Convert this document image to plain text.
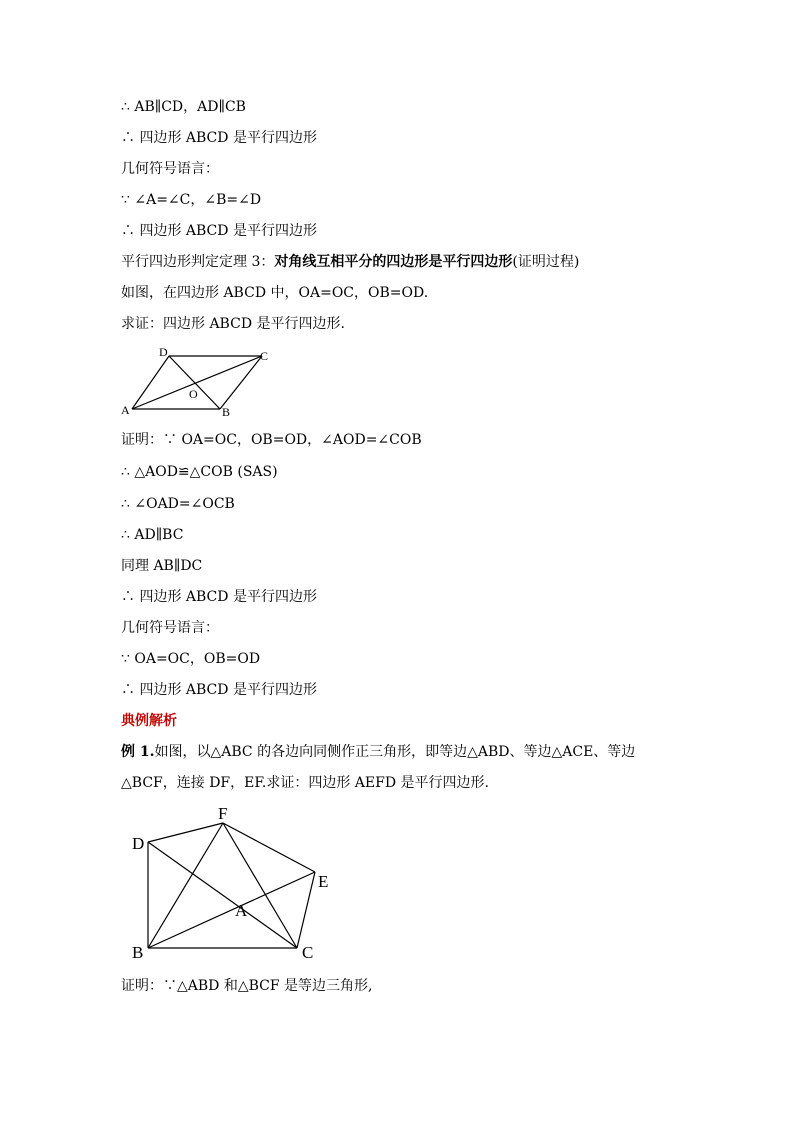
∴ AB∥CD，AD∥CB
∴ 四边形 ABCD 是平行四边形
几何符号语言：
∵ ∠A=∠C，∠B=∠D
∴ 四边形 ABCD 是平行四边形
平行四边形判定定理 3：对角线互相平分的四边形是平行四边形(证明过程)
如图，在四边形 ABCD 中，OA=OC，OB=OD.
求证：四边形 ABCD 是平行四边形.
A	B
C
D
O
证明：∵ OA=OC，OB=OD，∠AOD=∠COB
∴ △AOD≌△COB (SAS)
∴ ∠OAD=∠OCB
∴ AD∥BC
同理 AB∥DC
∴ 四边形 ABCD 是平行四边形
几何符号语言：
∵ OA=OC，OB=OD
∴ 四边形 ABCD 是平行四边形
典例解析
例 1.如图，以△ABC 的各边向同侧作正三角形，即等边△ABD、等边△ACE、等边
△BCF，连接 DF，EF.求证：四边形 AEFD 是平行四边形.
B	C
D
E
F
A
证明：∵△ABD 和△BCF 是等边三角形,
